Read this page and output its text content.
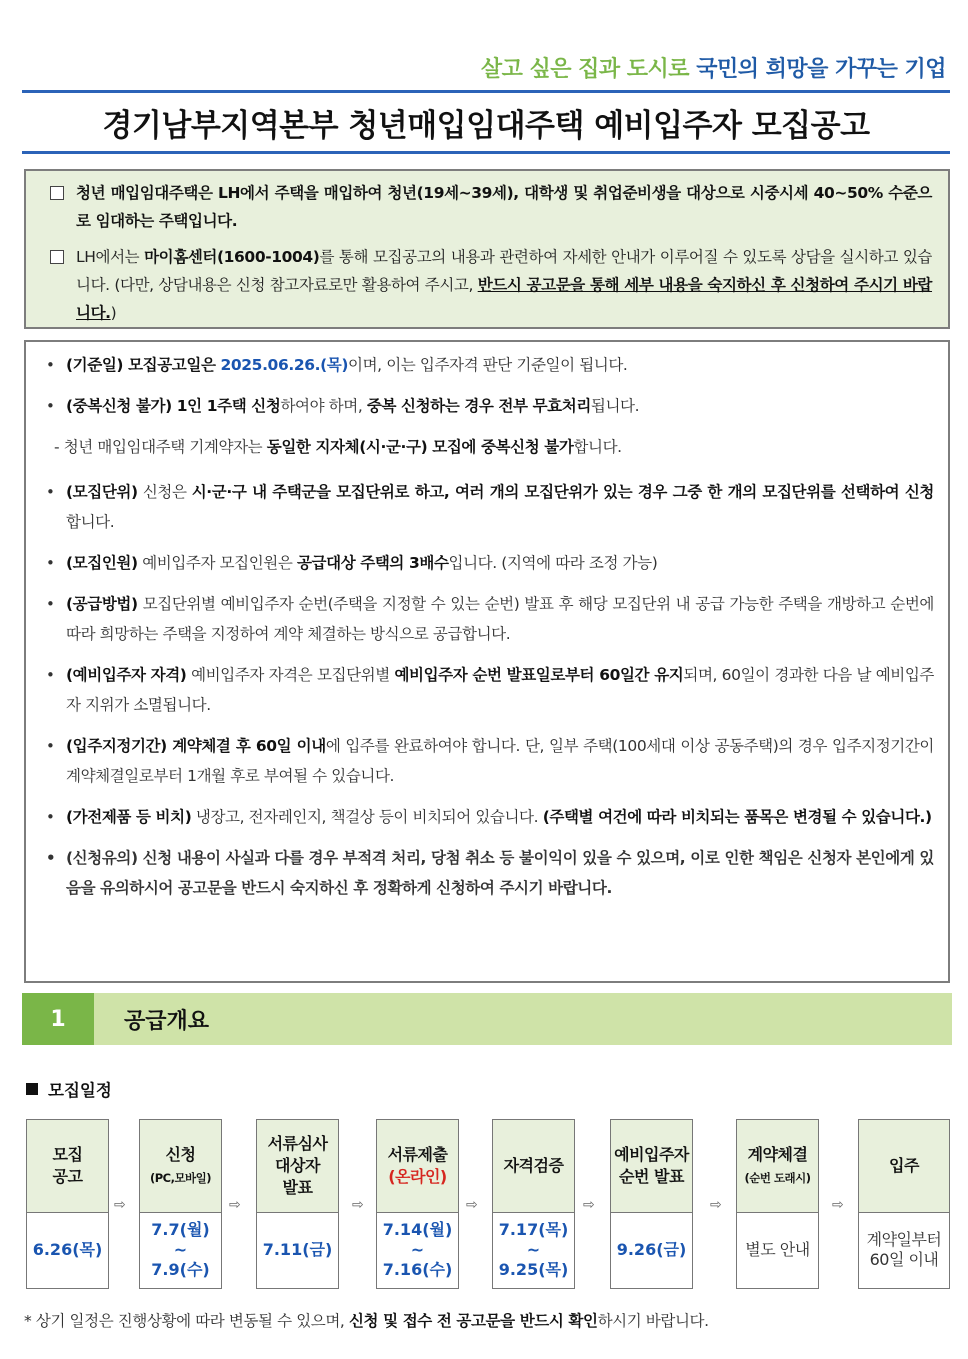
살고 싶은 집과 도시로 국민의 희망을 가꾸는 기업
경기남부지역본부 청년매입임대주택 예비입주자 모집공고
청년 매입임대주택은 LH에서 주택을 매입하여 청년(19세~39세), 대학생 및 취업준비생을 대상으로 시중시세 40~50% 수준으로 임대하는 주택입니다.
LH에서는 마이홈센터(1600-1004)를 통해 모집공고의 내용과 관련하여 자세한 안내가 이루어질 수 있도록 상담을 실시하고 있습니다. (다만, 상담내용은 신청 참고자료로만 활용하여 주시고, 반드시 공고문을 통해 세부 내용을 숙지하신 후 신청하여 주시기 바랍니다.)
• (기준일) 모집공고일은 2025.06.26.(목)이며, 이는 입주자격 판단 기준일이 됩니다.
• (중복신청 불가) 1인 1주택 신청하여야 하며, 중복 신청하는 경우 전부 무효처리됩니다.
- 청년 매입임대주택 기계약자는 동일한 지자체(시·군·구) 모집에 중복신청 불가합니다.
• (모집단위) 신청은 시·군·구 내 주택군을 모집단위로 하고, 여러 개의 모집단위가 있는 경우 그중 한 개의 모집단위를 선택하여 신청합니다.
• (모집인원) 예비입주자 모집인원은 공급대상 주택의 3배수입니다. (지역에 따라 조정 가능)
• (공급방법) 모집단위별 예비입주자 순번(주택을 지정할 수 있는 순번) 발표 후 해당 모집단위 내 공급 가능한 주택을 개방하고 순번에 따라 희망하는 주택을 지정하여 계약 체결하는 방식으로 공급합니다.
• (예비입주자 자격) 예비입주자 자격은 모집단위별 예비입주자 순번 발표일로부터 60일간 유지되며, 60일이 경과한 다음 날 예비입주자 지위가 소멸됩니다.
• (입주지정기간) 계약체결 후 60일 이내에 입주를 완료하여야 합니다. 단, 일부 주택(100세대 이상 공동주택)의 경우 입주지정기간이 계약체결일로부터 1개월 후로 부여될 수 있습니다.
• (가전제품 등 비치) 냉장고, 전자레인지, 책걸상 등이 비치되어 있습니다. (주택별 여건에 따라 비치되는 품목은 변경될 수 있습니다.)
• (신청유의) 신청 내용이 사실과 다를 경우 부적격 처리, 당첨 취소 등 불이익이 있을 수 있으며, 이로 인한 책임은 신청자 본인에게 있음을 유의하시어 공고문을 반드시 숙지하신 후 정확하게 신청하여 주시기 바랍니다.
1	공급개요
모집일정
모집
공고
6.26(목)
⇨
신청
(PC,모바일)
7.7(월)
~
7.9(수)
⇨
서류심사
대상자
발표
7.11(금)
⇨
서류제출
(온라인)
7.14(월)
~
7.16(수)
⇨
자격검증
7.17(목)
~
9.25(목)
⇨
예비입주자
순번 발표
9.26(금)
⇨
계약체결
(순번 도래시)
별도 안내
⇨
입주
계약일부터
60일 이내
* 상기 일정은 진행상황에 따라 변동될 수 있으며, 신청 및 접수 전 공고문을 반드시 확인하시기 바랍니다.
